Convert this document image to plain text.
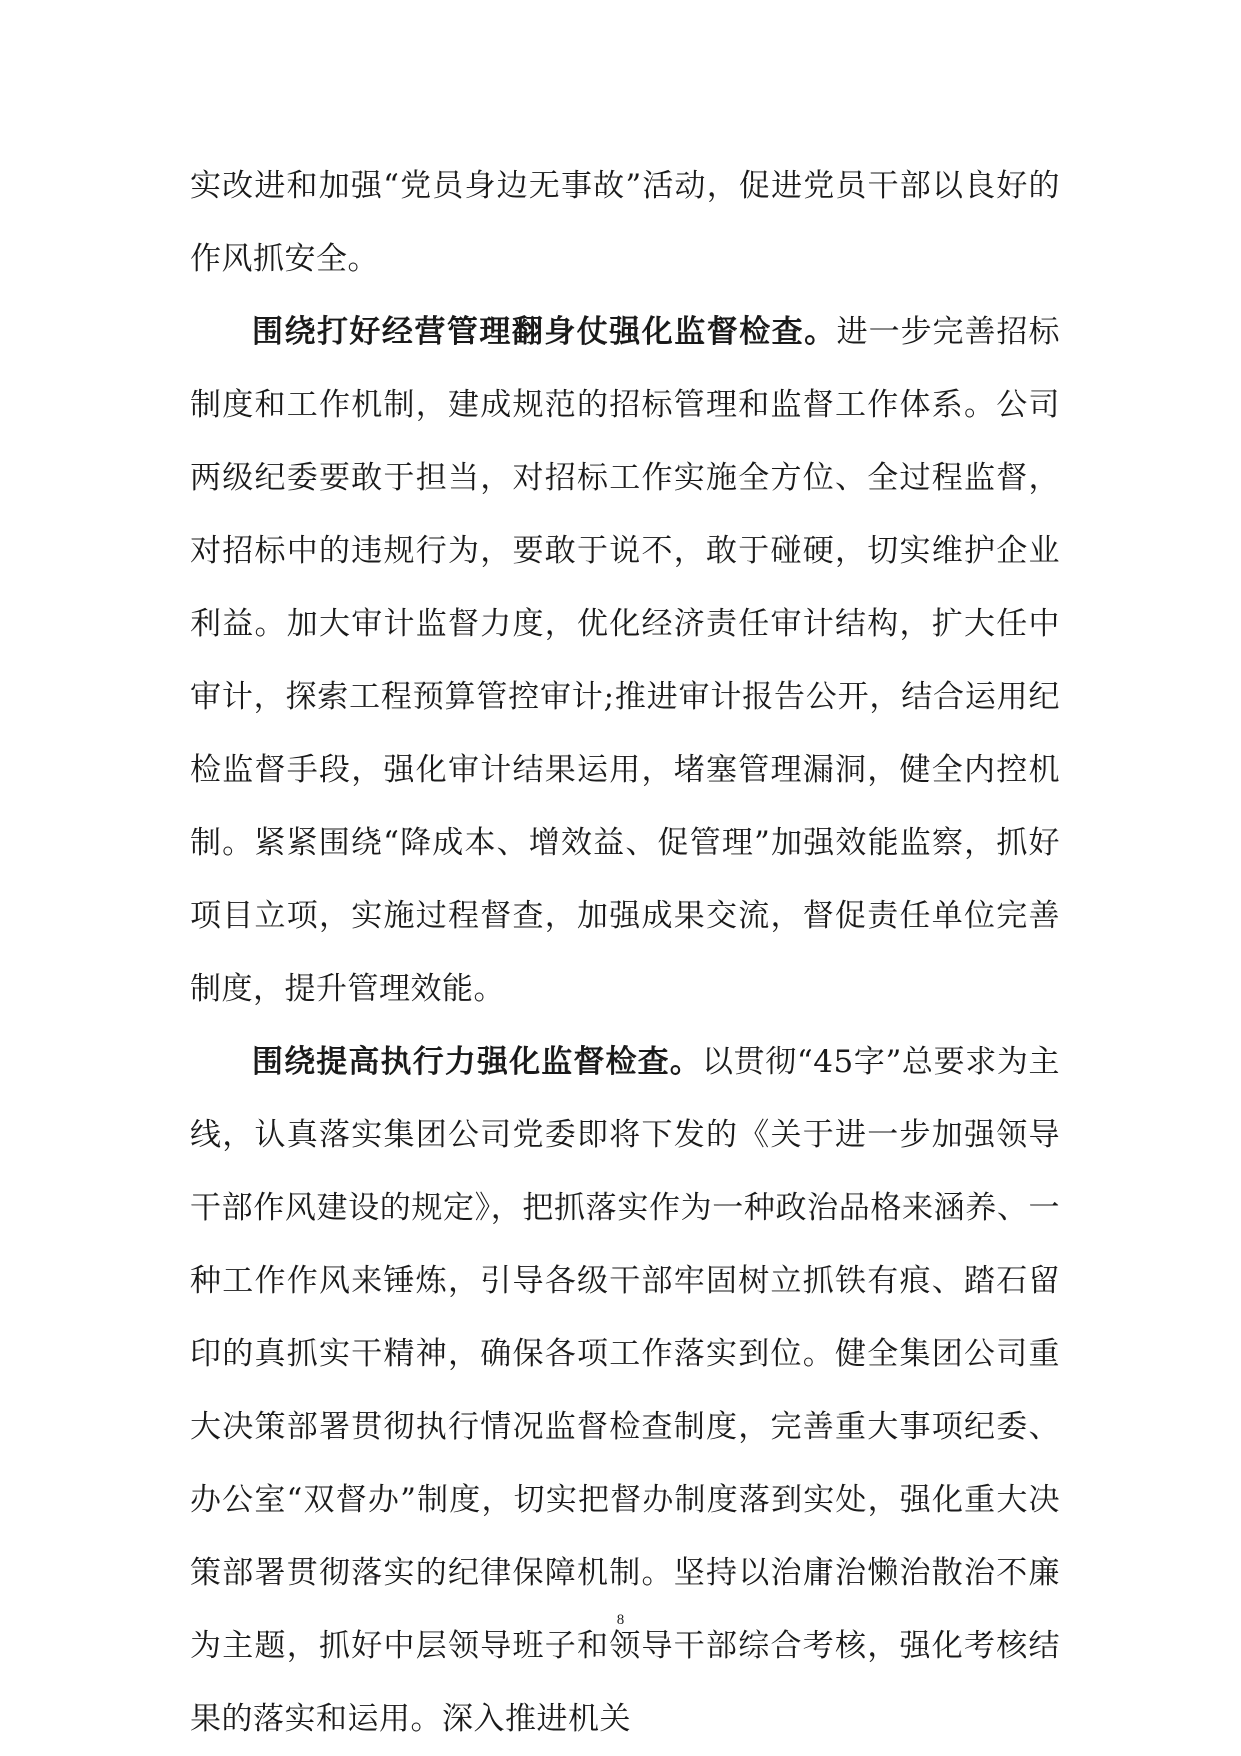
实改进和加强“党员身边无事故”活动，促进党员干部以良好的作风抓安全。

围绕打好经营管理翻身仗强化监督检查。进一步完善招标制度和工作机制，建成规范的招标管理和监督工作体系。公司两级纪委要敢于担当，对招标工作实施全方位、全过程监督，对招标中的违规行为，要敢于说不，敢于碰硬，切实维护企业利益。加大审计监督力度，优化经济责任审计结构，扩大任中审计，探索工程预算管控审计;推进审计报告公开，结合运用纪检监督手段，强化审计结果运用，堵塞管理漏洞，健全内控机制。紧紧围绕“降成本、增效益、促管理”加强效能监察，抓好项目立项，实施过程督查，加强成果交流，督促责任单位完善制度，提升管理效能。

围绕提高执行力强化监督检查。以贯彻“45字”总要求为主线，认真落实集团公司党委即将下发的《关于进一步加强领导干部作风建设的规定》，把抓落实作为一种政治品格来涵养、一种工作作风来锤炼，引导各级干部牢固树立抓铁有痕、踏石留印的真抓实干精神，确保各项工作落实到位。健全集团公司重大决策部署贯彻执行情况监督检查制度，完善重大事项纪委、办公室“双督办”制度，切实把督办制度落到实处，强化重大决策部署贯彻落实的纪律保障机制。坚持以治庸治懒治散治不廉为主题，抓好中层领导班子和领导干部综合考核，强化考核结果的落实和运用。深入推进机关

8
